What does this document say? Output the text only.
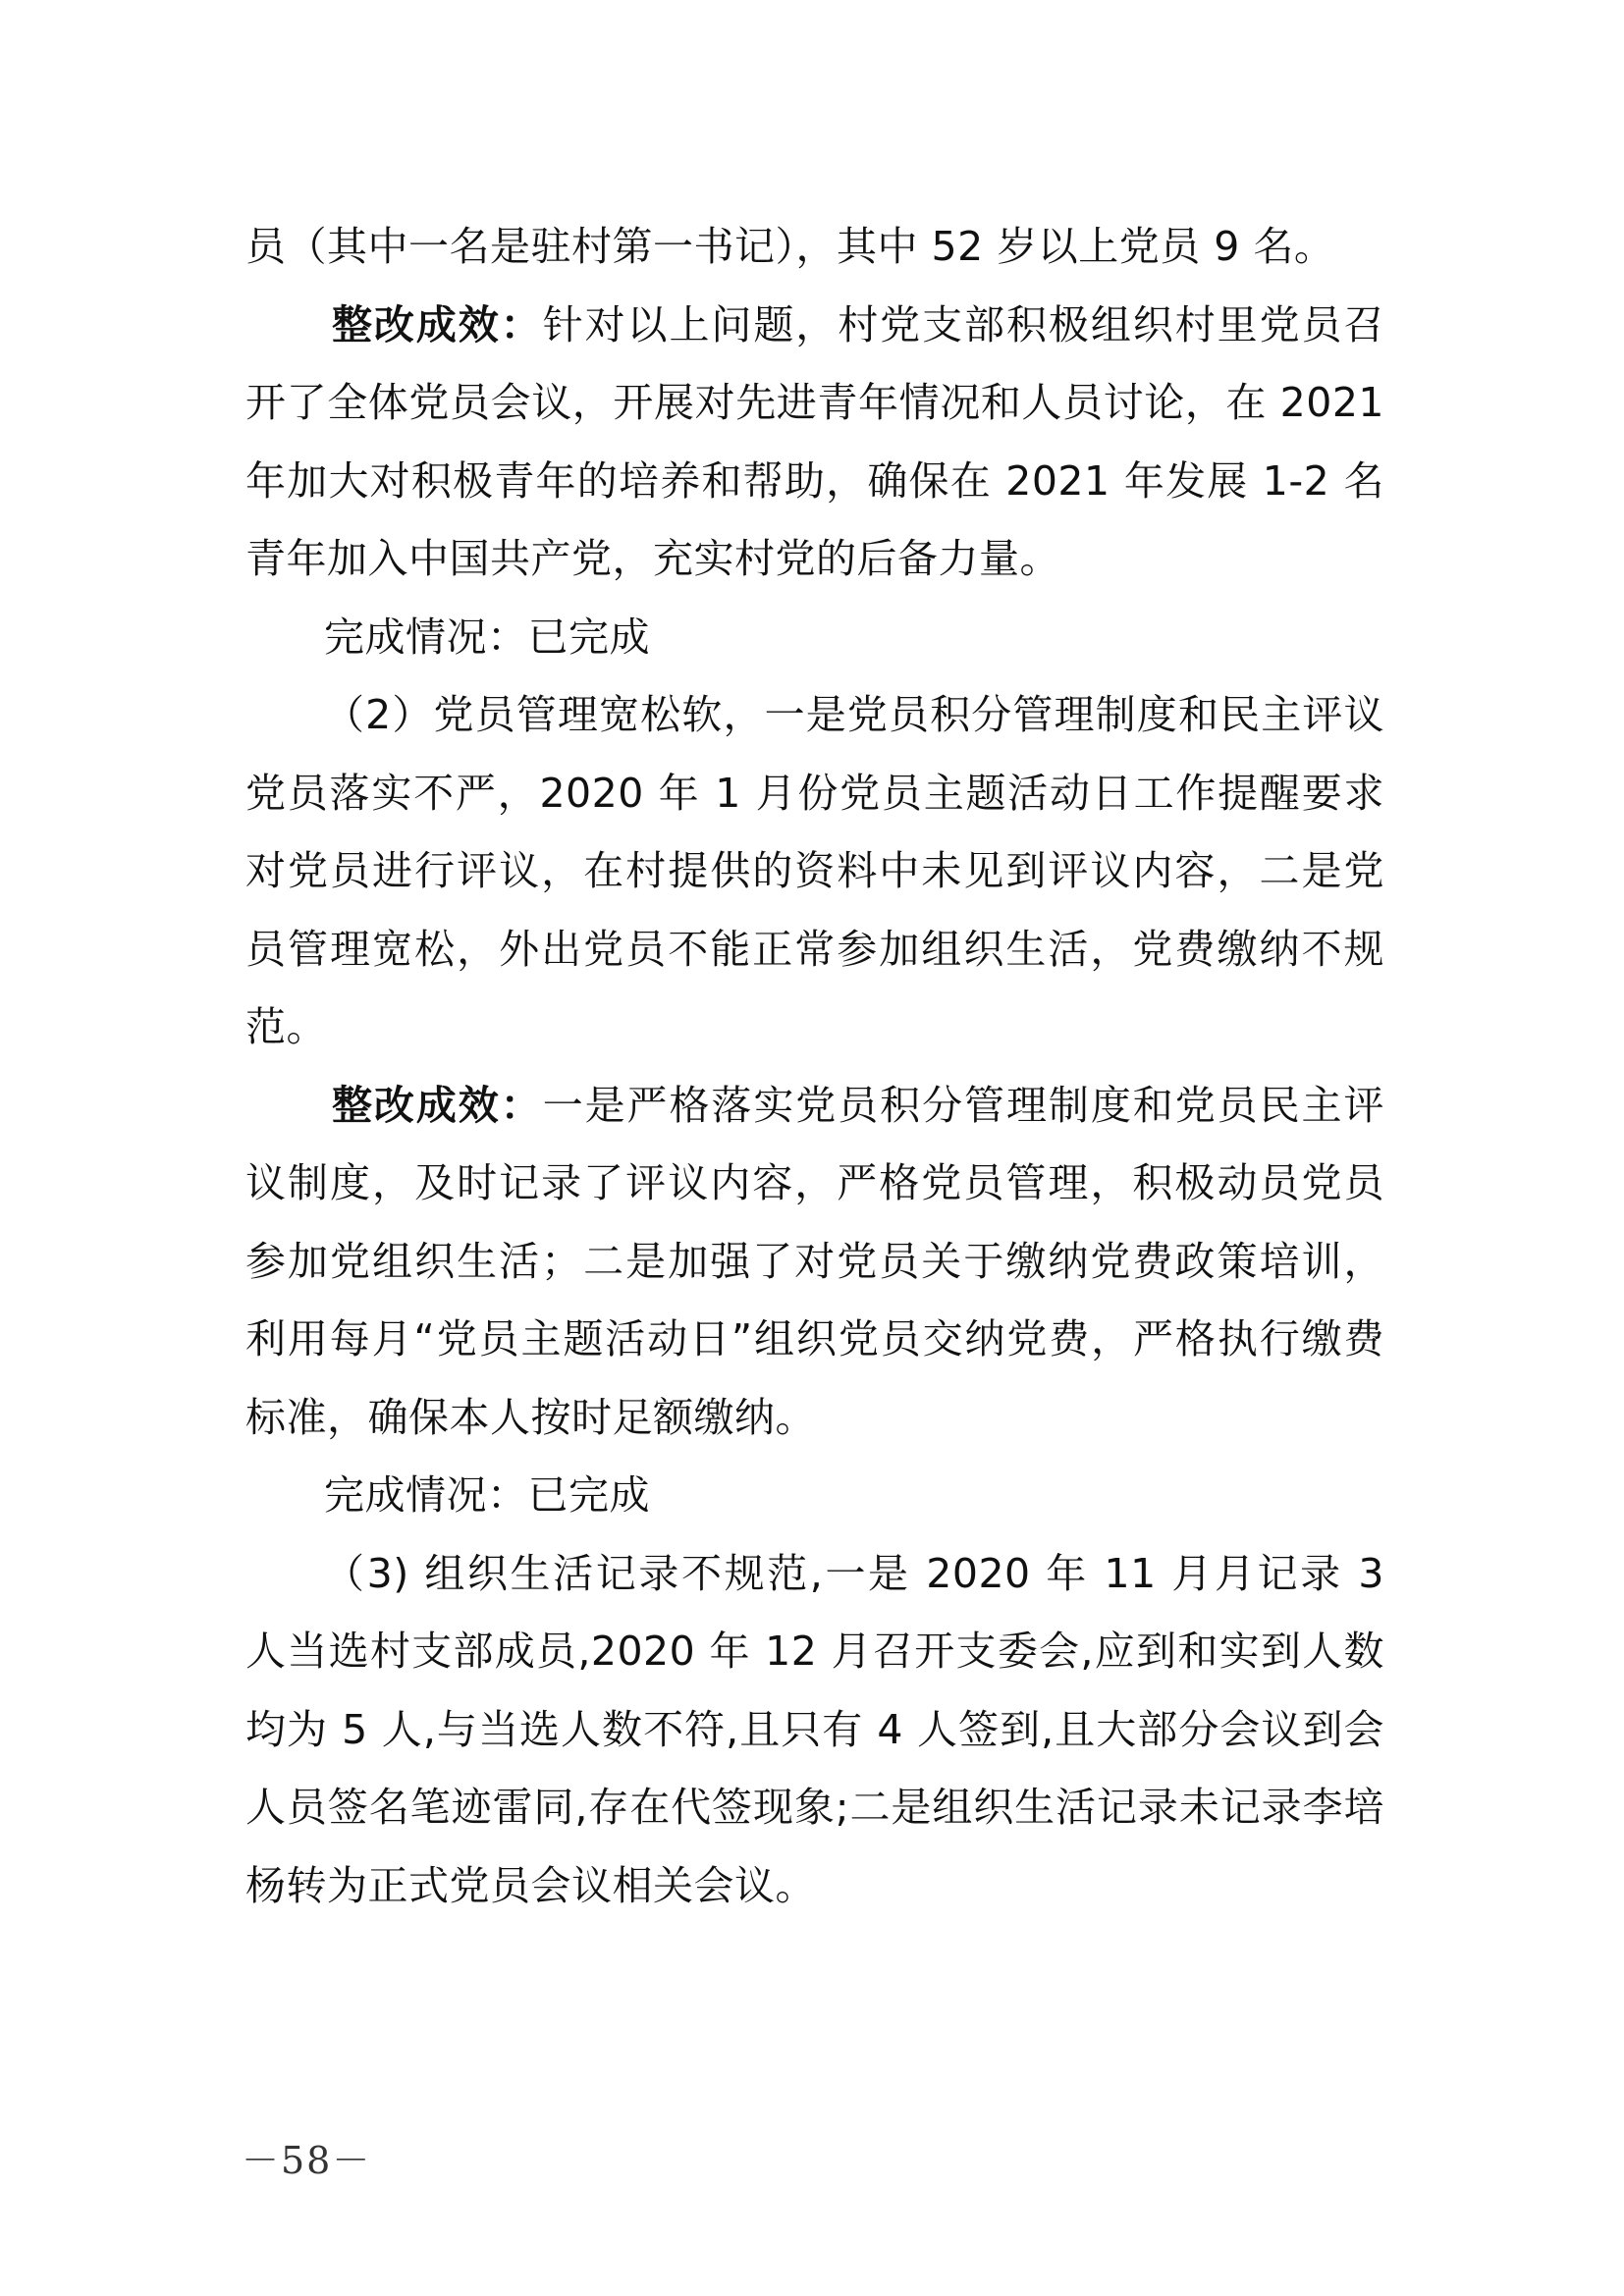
员（其中一名是驻村第一书记），其中 52 岁以上党员 9 名。

整改成效：针对以上问题，村党支部积极组织村里党员召开了全体党员会议，开展对先进青年情况和人员讨论，在 2021 年加大对积极青年的培养和帮助，确保在 2021 年发展 1-2 名青年加入中国共产党，充实村党的后备力量。

完成情况：已完成

（2）党员管理宽松软，一是党员积分管理制度和民主评议党员落实不严，2020 年 1 月份党员主题活动日工作提醒要求对党员进行评议，在村提供的资料中未见到评议内容，二是党员管理宽松，外出党员不能正常参加组织生活，党费缴纳不规范。

整改成效：一是严格落实党员积分管理制度和党员民主评议制度，及时记录了评议内容，严格党员管理，积极动员党员参加党组织生活；二是加强了对党员关于缴纳党费政策培训，利用每月“党员主题活动日”组织党员交纳党费，严格执行缴费标准，确保本人按时足额缴纳。

完成情况：已完成

（3) 组织生活记录不规范,一是 2020 年 11 月月记录 3 人当选村支部成员,2020 年 12 月召开支委会,应到和实到人数均为 5 人,与当选人数不符,且只有 4 人签到,且大部分会议到会人员签名笔迹雷同,存在代签现象;二是组织生活记录未记录李培杨转为正式党员会议相关会议。

－58－
